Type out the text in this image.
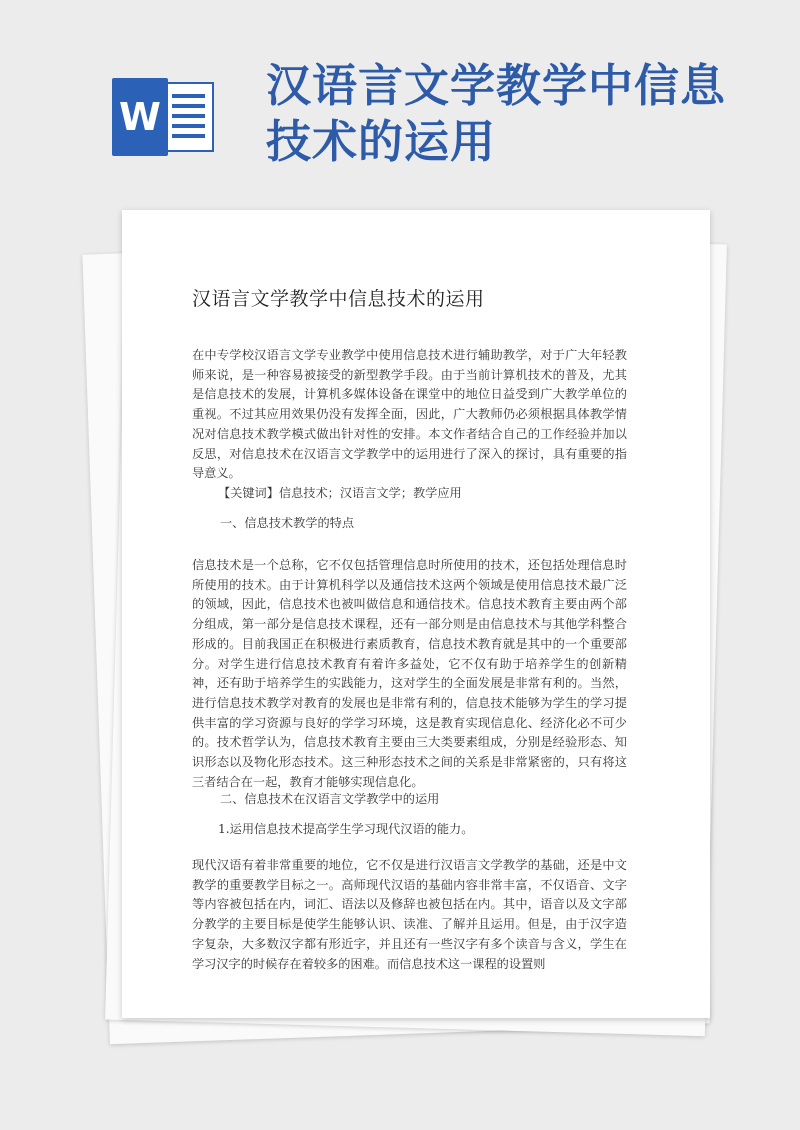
W
汉语言文学教学中信息技术的运用
汉语言文学教学中信息技术的运用

在中专学校汉语言文学专业教学中使用信息技术进行辅助教学，对于广大年轻教师来说，是一种容易被接受的新型教学手段。由于当前计算机技术的普及，尤其是信息技术的发展，计算机多媒体设备在课堂中的地位日益受到广大教学单位的重视。不过其应用效果仍没有发挥全面，因此，广大教师仍必须根据具体教学情况对信息技术教学模式做出针对性的安排。本文作者结合自己的工作经验并加以反思，对信息技术在汉语言文学教学中的运用进行了深入的探讨，具有重要的指导意义。

【关键词】信息技术；汉语言文学；教学应用

一、信息技术教学的特点

信息技术是一个总称，它不仅包括管理信息时所使用的技术，还包括处理信息时所使用的技术。由于计算机科学以及通信技术这两个领域是使用信息技术最广泛的领域，因此，信息技术也被叫做信息和通信技术。信息技术教育主要由两个部分组成，第一部分是信息技术课程，还有一部分则是由信息技术与其他学科整合形成的。目前我国正在积极进行素质教育，信息技术教育就是其中的一个重要部分。对学生进行信息技术教育有着许多益处，它不仅有助于培养学生的创新精神，还有助于培养学生的实践能力，这对学生的全面发展是非常有利的。当然，进行信息技术教学对教育的发展也是非常有利的，信息技术能够为学生的学习提供丰富的学习资源与良好的学学习环境，这是教育实现信息化、经济化必不可少的。技术哲学认为，信息技术教育主要由三大类要素组成，分别是经验形态、知识形态以及物化形态技术。这三种形态技术之间的关系是非常紧密的，只有将这三者结合在一起，教育才能够实现信息化。

二、信息技术在汉语言文学教学中的运用
1.运用信息技术提高学生学习现代汉语的能力。

现代汉语有着非常重要的地位，它不仅是进行汉语言文学教学的基础，还是中文教学的重要教学目标之一。高师现代汉语的基础内容非常丰富，不仅语音、文字等内容被包括在内，词汇、语法以及修辞也被包括在内。其中，语音以及文字部分教学的主要目标是使学生能够认识、读准、了解并且运用。但是，由于汉字造字复杂，大多数汉字都有形近字，并且还有一些汉字有多个读音与含义，学生在学习汉字的时候存在着较多的困难。而信息技术这一课程的设置则
